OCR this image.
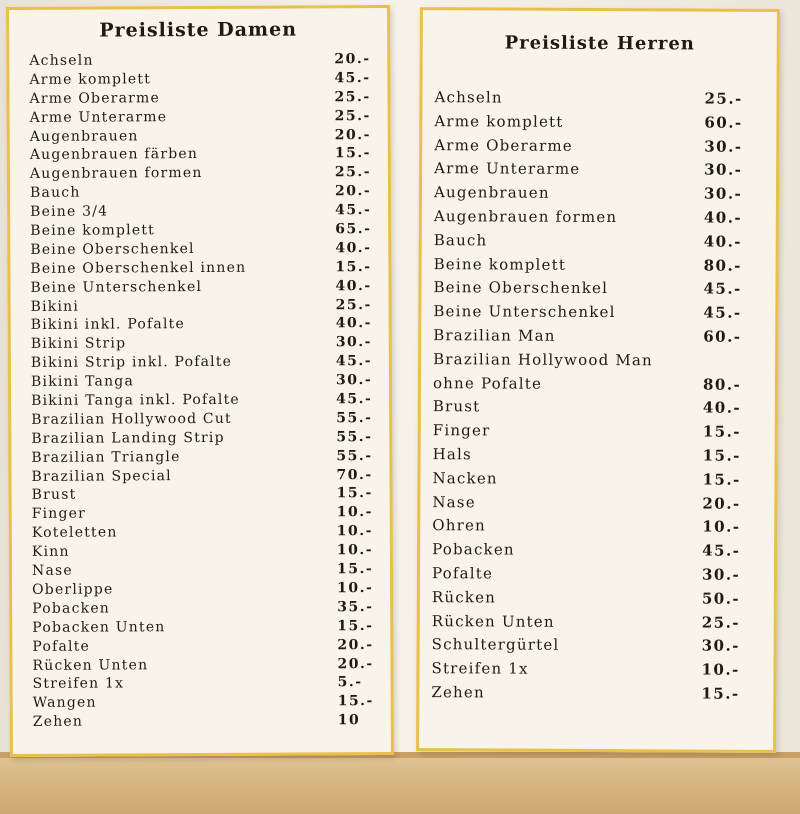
Preisliste Damen
Achseln	20.-
Arme komplett	45.-
Arme Oberarme	25.-
Arme Unterarme	25.-
Augenbrauen	20.-
Augenbrauen färben	15.-
Augenbrauen formen	25.-
Bauch	20.-
Beine 3/4	45.-
Beine komplett	65.-
Beine Oberschenkel	40.-
Beine Oberschenkel innen	15.-
Beine Unterschenkel	40.-
Bikini	25.-
Bikini inkl. Pofalte	40.-
Bikini Strip	30.-
Bikini Strip inkl. Pofalte	45.-
Bikini Tanga	30.-
Bikini Tanga inkl. Pofalte	45.-
Brazilian Hollywood Cut	55.-
Brazilian Landing Strip	55.-
Brazilian Triangle	55.-
Brazilian Special	70.-
Brust	15.-
Finger	10.-
Koteletten	10.-
Kinn	10.-
Nase	15.-
Oberlippe	10.-
Pobacken	35.-
Pobacken Unten	15.-
Pofalte	20.-
Rücken Unten	20.-
Streifen 1x	5.-
Wangen	15.-
Zehen	10
Preisliste Herren
Achseln	25.-
Arme komplett	60.-
Arme Oberarme	30.-
Arme Unterarme	30.-
Augenbrauen	30.-
Augenbrauen formen	40.-
Bauch	40.-
Beine komplett	80.-
Beine Oberschenkel	45.-
Beine Unterschenkel	45.-
Brazilian Man	60.-
Brazilian Hollywood Man
ohne Pofalte	80.-
Brust	40.-
Finger	15.-
Hals	15.-
Nacken	15.-
Nase	20.-
Ohren	10.-
Pobacken	45.-
Pofalte	30.-
Rücken	50.-
Rücken Unten	25.-
Schultergürtel	30.-
Streifen 1x	10.-
Zehen	15.-
